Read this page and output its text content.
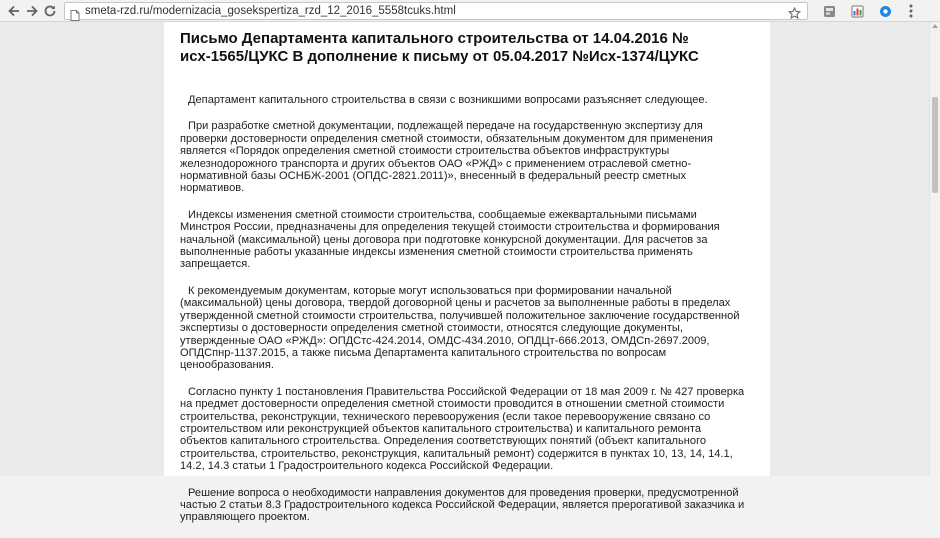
smeta-rzd.ru/modernizacia_gosekspertiza_rzd_12_2016_5558tcuks.html
Письмо Департамента капитального строительства от 14.04.2016 № исх-1565/ЦУКС В дополнение к письму от 05.04.2017 №Исх-1374/ЦУКС

Департамент капитального строительства в связи с возникшими вопросами разъясняет следующее.

При разработке сметной документации, подлежащей передаче на государственную экспертизу для проверки достоверности определения сметной стоимости, обязательным документом для применения является «Порядок определения сметной стоимости строительства объектов инфраструктуры железнодорожного транспорта и других объектов ОАО «РЖД» с применением отраслевой сметно-нормативной базы ОСНБЖ-2001 (ОПДС-2821.2011)», внесенный в федеральный реестр сметных нормативов.

Индексы изменения сметной стоимости строительства, сообщаемые ежеквартальными письмами Минстроя России, предназначены для определения текущей стоимости строительства и формирования начальной (максимальной) цены договора при подготовке конкурсной документации. Для расчетов за выполненные работы указанные индексы изменения сметной стоимости строительства применять запрещается.

К рекомендуемым документам, которые могут использоваться при формировании начальной (максимальной) цены договора, твердой договорной цены и расчетов за выполненные работы в пределах утвержденной сметной стоимости строительства, получившей положительное заключение государственной экспертизы о достоверности определения сметной стоимости, относятся следующие документы, утвержденные ОАО «РЖД»: ОПДСтс-424.2014, ОМДС-434.2010, ОПДЦт-666.2013, ОМДСп-2697.2009, ОПДСпнр-1137.2015, а также письма Департамента капитального строительства по вопросам ценообразования.

Согласно пункту 1 постановления Правительства Российской Федерации от 18 мая 2009 г. № 427 проверка на предмет достоверности определения сметной стоимости проводится в отношении сметной стоимости строительства, реконструкции, технического перевооружения (если такое перевооружение связано со строительством или реконструкцией объектов капитального строительства) и капитального ремонта объектов капитального строительства. Определения соответствующих понятий (объект капитального строительства, строительство, реконструкция, капитальный ремонт) содержится в пунктах 10, 13, 14, 14.1, 14.2, 14.3 статьи 1 Градостроительного кодекса Российской Федерации.

Решение вопроса о необходимости направления документов для проведения проверки, предусмотренной частью 2 статьи 8.3 Градостроительного кодекса Российской Федерации, является прерогативой заказчика и управляющего проектом.
